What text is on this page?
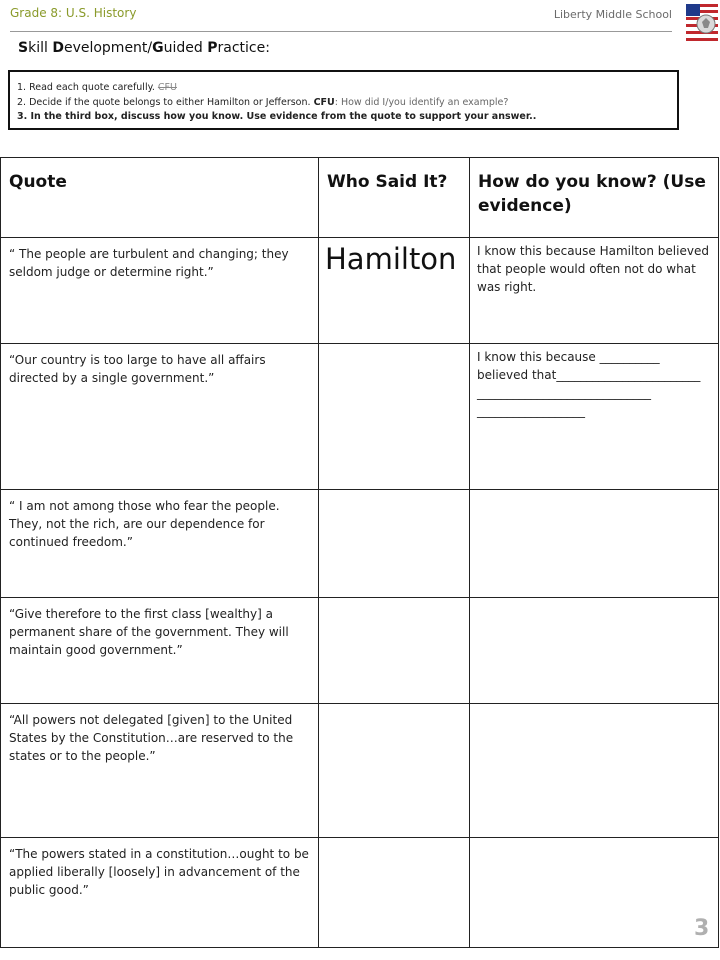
Grade 8: U.S. History	Liberty Middle School
Skill Development/Guided Practice:
1. Read each quote carefully. CFU
2. Decide if the quote belongs to either Hamilton or Jefferson. CFU: How did I/you identify an example?
3. In the third box, discuss how you know. Use evidence from the quote to support your answer..
Quote	Who Said It?	How do you know? (Use evidence)

“ The people are turbulent and changing; they seldom judge or determine right.”	Hamilton	I know this because Hamilton believed that people would often not do what was right.

“Our country is too large to have all affairs directed by a single government.”		I know this because __________ believed that________________________ _____________________________ __________________

“ I am not among those who fear the people. They, not the rich, are our dependence for continued freedom.”		

“Give therefore to the first class [wealthy] a permanent share of the government. They will maintain good government.”		

“All powers not delegated [given] to the United States by the Constitution…are reserved to the states or to the people.”		

“The powers stated in a constitution…ought to be applied liberally [loosely] in advancement of the public good.”		

3
